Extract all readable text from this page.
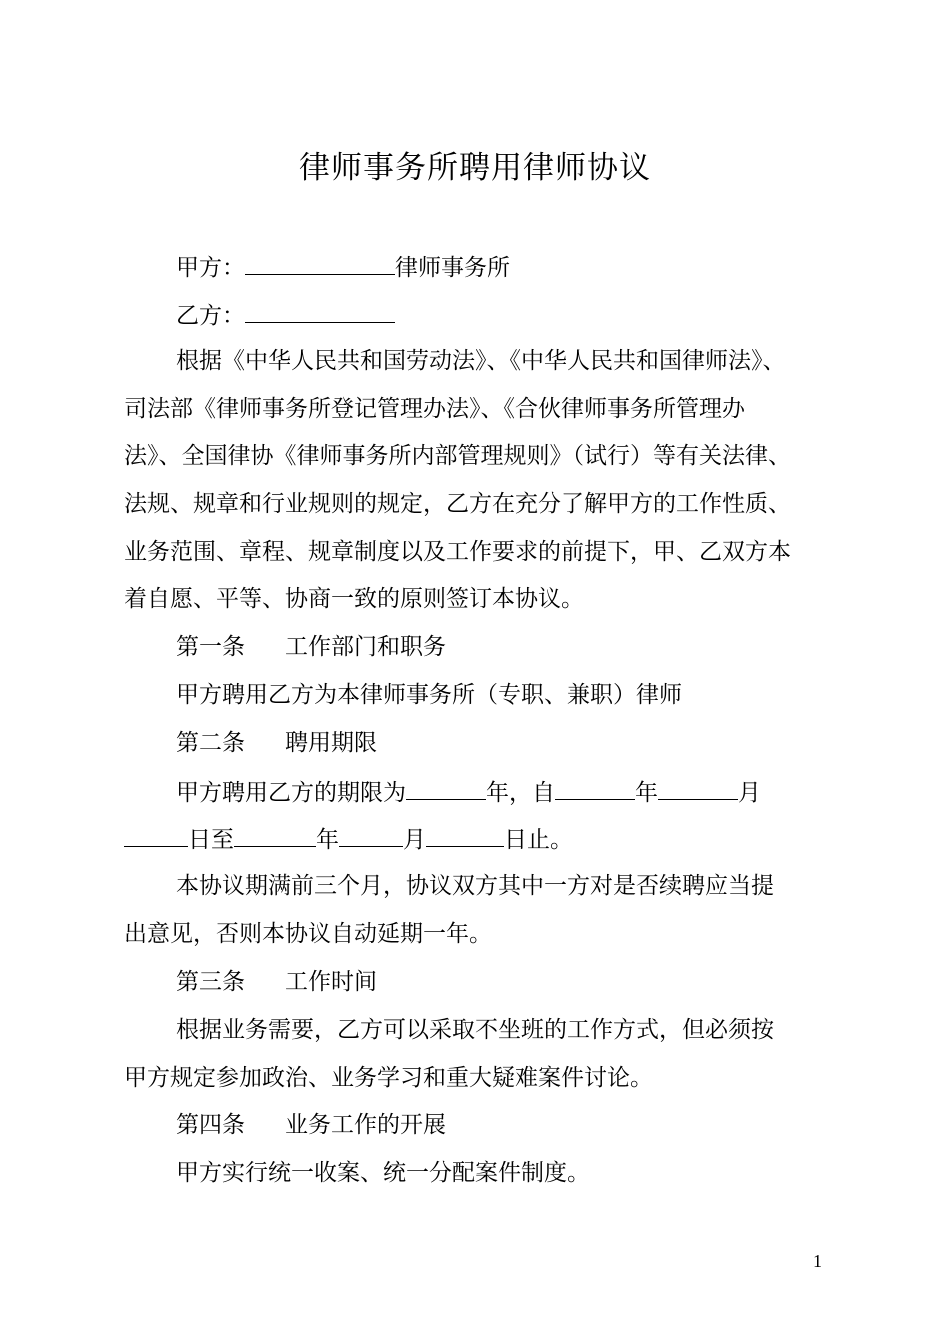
律师事务所聘用律师协议
甲方：	律师事务所
乙方：
根据《中华人民共和国劳动法》、《中华人民共和国律师法》、
司法部《律师事务所登记管理办法》、《合伙律师事务所管理办
法》、全国律协《律师事务所内部管理规则》（试行）等有关法律、
法规、规章和行业规则的规定，乙方在充分了解甲方的工作性质、
业务范围、章程、规章制度以及工作要求的前提下，甲、乙双方本
着自愿、平等、协商一致的原则签订本协议。
第一条 工作部门和职务
甲方聘用乙方为本律师事务所（专职、兼职）律师
第二条 聘用期限
甲方聘用乙方的期限为	年，自	年	月
日至	年	月	日止。
本协议期满前三个月，协议双方其中一方对是否续聘应当提
出意见，否则本协议自动延期一年。
第三条 工作时间
根据业务需要，乙方可以采取不坐班的工作方式，但必须按
甲方规定参加政治、业务学习和重大疑难案件讨论。
第四条 业务工作的开展
甲方实行统一收案、统一分配案件制度。
1
